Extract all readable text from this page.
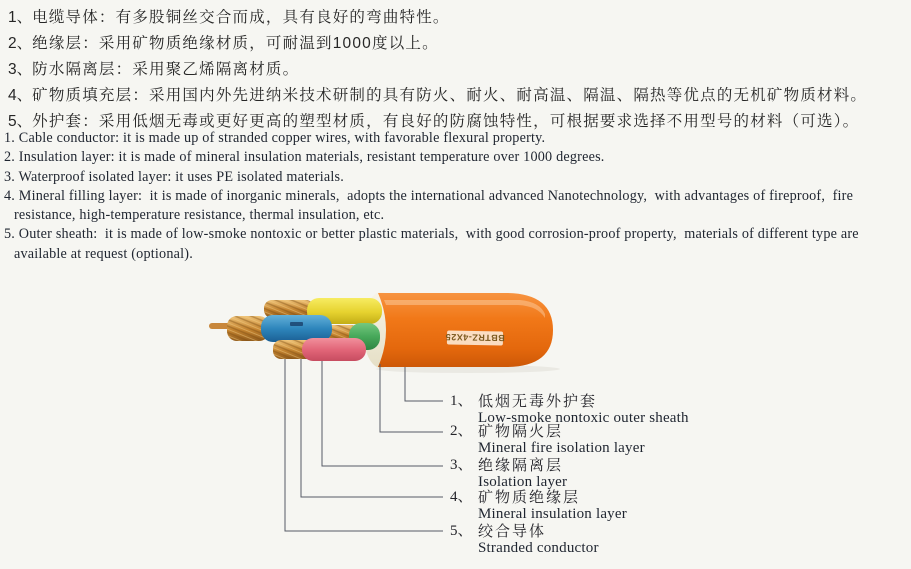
1、电缆导体：有多股铜丝交合而成，具有良好的弯曲特性。
2、绝缘层：采用矿物质绝缘材质，可耐温到1000度以上。
3、防水隔离层：采用聚乙烯隔离材质。
4、矿物质填充层：采用国内外先进纳米技术研制的具有防火、耐火、耐高温、隔温、隔热等优点的无机矿物质材料。
5、外护套：采用低烟无毒或更好更高的塑型材质，有良好的防腐蚀特性，可根据要求选择不用型号的材料（可选）。
1. Cable conductor: it is made up of stranded copper wires, with favorable flexural property.
2. Insulation layer: it is made of mineral insulation materials, resistant temperature over 1000 degrees.
3. Waterproof isolated layer: it uses PE isolated materials.
4. Mineral filling layer:  it is made of inorganic minerals,  adopts the international advanced Nanotechnology,  with advantages of fireproof,  fire
resistance, high-temperature resistance, thermal insulation, etc.
5. Outer sheath:  it is made of low-smoke nontoxic or better plastic materials,  with good corrosion-proof property,  materials of different type are
available at request (optional).
BBTRZ-4X25
1、 低烟无毒外护套
Low-smoke nontoxic outer sheath
2、 矿物隔火层
Mineral fire isolation layer
3、 绝缘隔离层
Isolation layer
4、 矿物质绝缘层
Mineral insulation layer
5、 绞合导体
Stranded conductor
